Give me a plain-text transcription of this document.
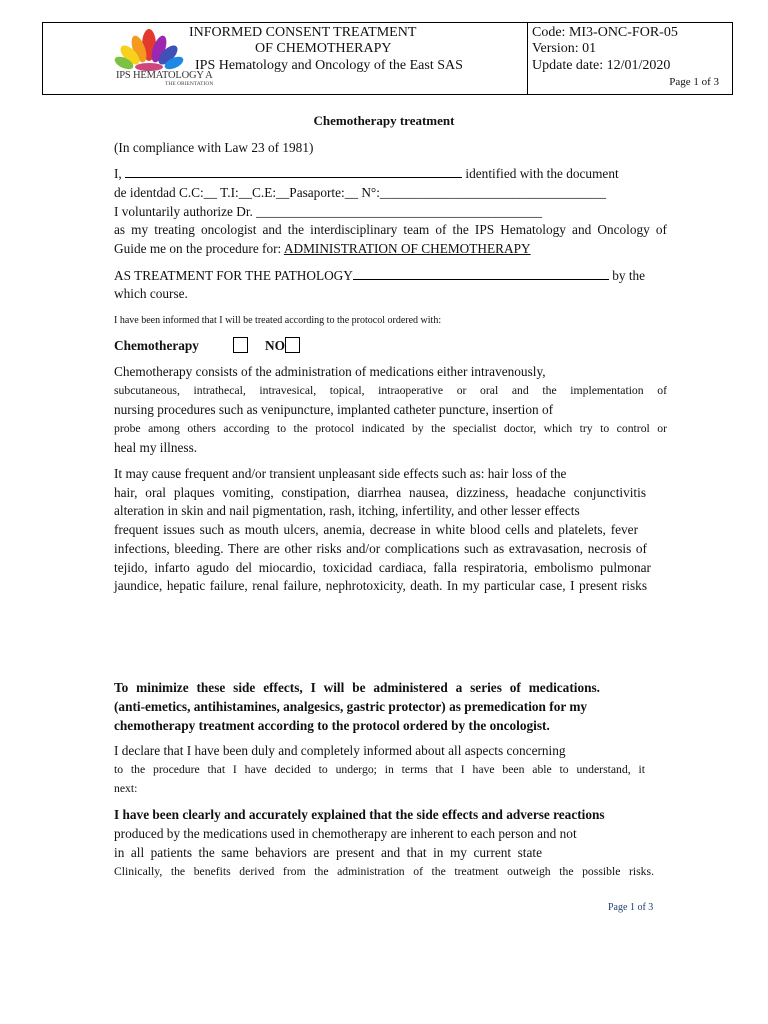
IPS HEMATOLOGY A
THE ORIENTATION
INFORMED CONSENT TREATMENT
OF CHEMOTHERAPY
IPS Hematology and Oncology of the East SAS
Code: MI3-ONC-FOR-05
Version: 01
Update date: 12/01/2020
Page 1 of 3
Chemotherapy treatment
(In compliance with Law 23 of 1981)
I,	identified with the document
de identdad C.C:__ T.I:__C.E:__Pasaporte:__ N°:__________________________________
I voluntarily authorize Dr. ___________________________________________
as my treating oncologist and the interdisciplinary team of the IPS Hematology and Oncology of
Guide me on the procedure for: ADMINISTRATION OF CHEMOTHERAPY
AS TREATMENT FOR THE PATHOLOGY	by the
which course.
I have been informed that I will be treated according to the protocol ordered with:
Chemotherapy	NO
Chemotherapy consists of the administration of medications either intravenously,
subcutaneous, intrathecal, intravesical, topical, intraoperative or oral and the implementation of
nursing procedures such as venipuncture, implanted catheter puncture, insertion of
probe among others according to the protocol indicated by the specialist doctor, which try to control or
heal my illness.
It may cause frequent and/or transient unpleasant side effects such as: hair loss of the
hair, oral plaques vomiting, constipation, diarrhea nausea, dizziness, headache conjunctivitis
alteration in skin and nail pigmentation, rash, itching, infertility, and other lesser effects
frequent issues such as mouth ulcers, anemia, decrease in white blood cells and platelets, fever
infections, bleeding. There are other risks and/or complications such as extravasation, necrosis of
tejido, infarto agudo del miocardio, toxicidad cardiaca, falla respiratoria, embolismo pulmonar
jaundice, hepatic failure, renal failure, nephrotoxicity, death. In my particular case, I present risks
To minimize these side effects, I will be administered a series of medications.
(anti-emetics, antihistamines, analgesics, gastric protector) as premedication for my
chemotherapy treatment according to the protocol ordered by the oncologist.
I declare that I have been duly and completely informed about all aspects concerning
to the procedure that I have decided to undergo; in terms that I have been able to understand, it
next:
I have been clearly and accurately explained that the side effects and adverse reactions
produced by the medications used in chemotherapy are inherent to each person and not
in all patients the same behaviors are present and that in my current state
Clinically, the benefits derived from the administration of the treatment outweigh the possible risks.
Page 1 of 3
